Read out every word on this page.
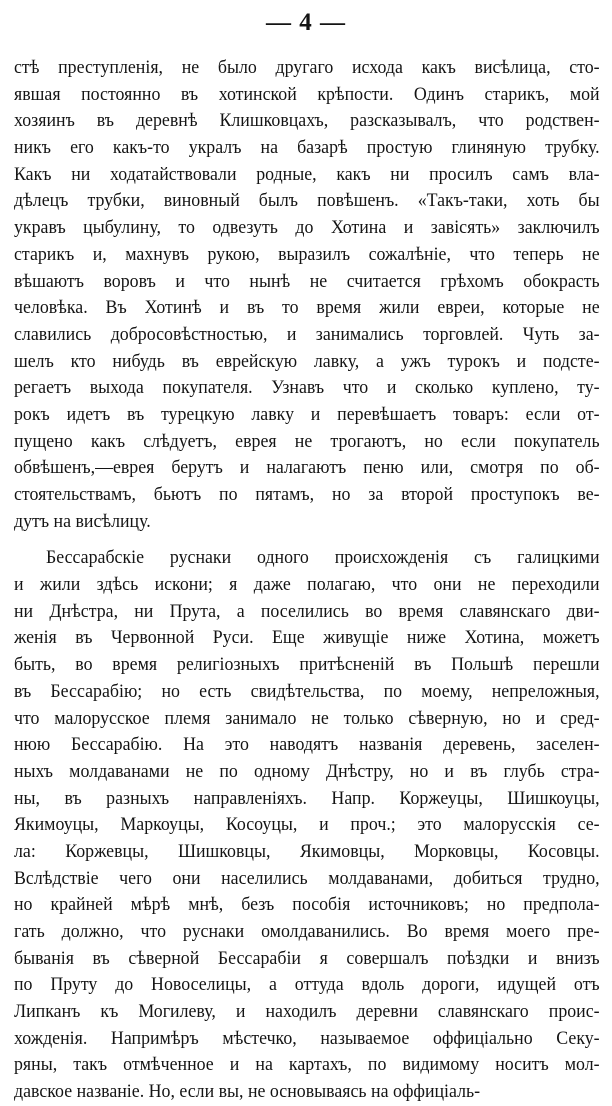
— 4 —
стѣ преступленія, не было другаго исхода какъ висѣлица, сто-
явшая постоянно въ хотинской крѣпости. Одинъ старикъ, мой
хозяинъ въ деревнѣ Клишковцахъ, разсказывалъ, что родствен-
никъ его какъ-то укралъ на базарѣ простую глиняную трубку.
Какъ ни ходатайствовали родные, какъ ни просилъ самъ вла-
дѣлецъ трубки, виновный былъ повѣшенъ. «Такъ-таки, хоть бы
укравъ цыбулину, то одвезуть до Хотина и завісять» заключилъ
старикъ и, махнувъ рукою, выразилъ сожалѣніе, что теперь не
вѣшаютъ воровъ и что нынѣ не считается грѣхомъ обокрасть
человѣка. Въ Хотинѣ и въ то время жили евреи, которые не
славились добросовѣстностью, и занимались торговлей. Чуть за-
шелъ кто нибудь въ еврейскую лавку, а ужъ турокъ и подсте-
регаетъ выхода покупателя. Узнавъ что и сколько куплено, ту-
рокъ идетъ въ турецкую лавку и перевѣшаетъ товаръ: если от-
пущено какъ слѣдуетъ, еврея не трогаютъ, но если покупатель
обвѣшенъ,—еврея берутъ и налагаютъ пеню или, смотря по об-
стоятельствамъ, бьютъ по пятамъ, но за второй проступокъ ве-
дутъ на висѣлицу.
Бессарабскіе руснаки одного происхожденія съ галицкими
и жили здѣсь искони; я даже полагаю, что они не переходили
ни Днѣстра, ни Прута, а поселились во время славянскаго дви-
женія въ Червонной Руси. Еще живущіе ниже Хотина, можетъ
быть, во время религіозныхъ притѣсненій въ Польшѣ перешли
въ Бессарабію; но есть свидѣтельства, по моему, непреложныя,
что малорусское племя занимало не только сѣверную, но и сред-
нюю Бессарабію. На это наводятъ названія деревень, заселен-
ныхъ молдаванами не по одному Днѣстру, но и въ глубь стра-
ны, въ разныхъ направленіяхъ. Напр. Коржеуцы, Шишкоуцы,
Якимоуцы, Маркоуцы, Косоуцы, и проч.; это малорусскія се-
ла: Коржевцы, Шишковцы, Якимовцы, Морковцы, Косовцы.
Вслѣдствіе чего они населились молдаванами, добиться трудно,
но крайней мѣрѣ мнѣ, безъ пособія источниковъ; но предпола-
гать должно, что руснаки омолдаванились. Во время моего пре-
быванія въ сѣверной Бессарабіи я совершалъ поѣздки и внизъ
по Пруту до Новоселицы, а оттуда вдоль дороги, идущей отъ
Липканъ къ Могилеву, и находилъ деревни славянскаго проис-
хожденія. Напримѣръ мѣстечко, называемое оффиціально Секу-
ряны, такъ отмѣченное и на картахъ, по видимому носитъ мол-
давское названіе. Но, если вы, не основываясь на оффиціаль-
